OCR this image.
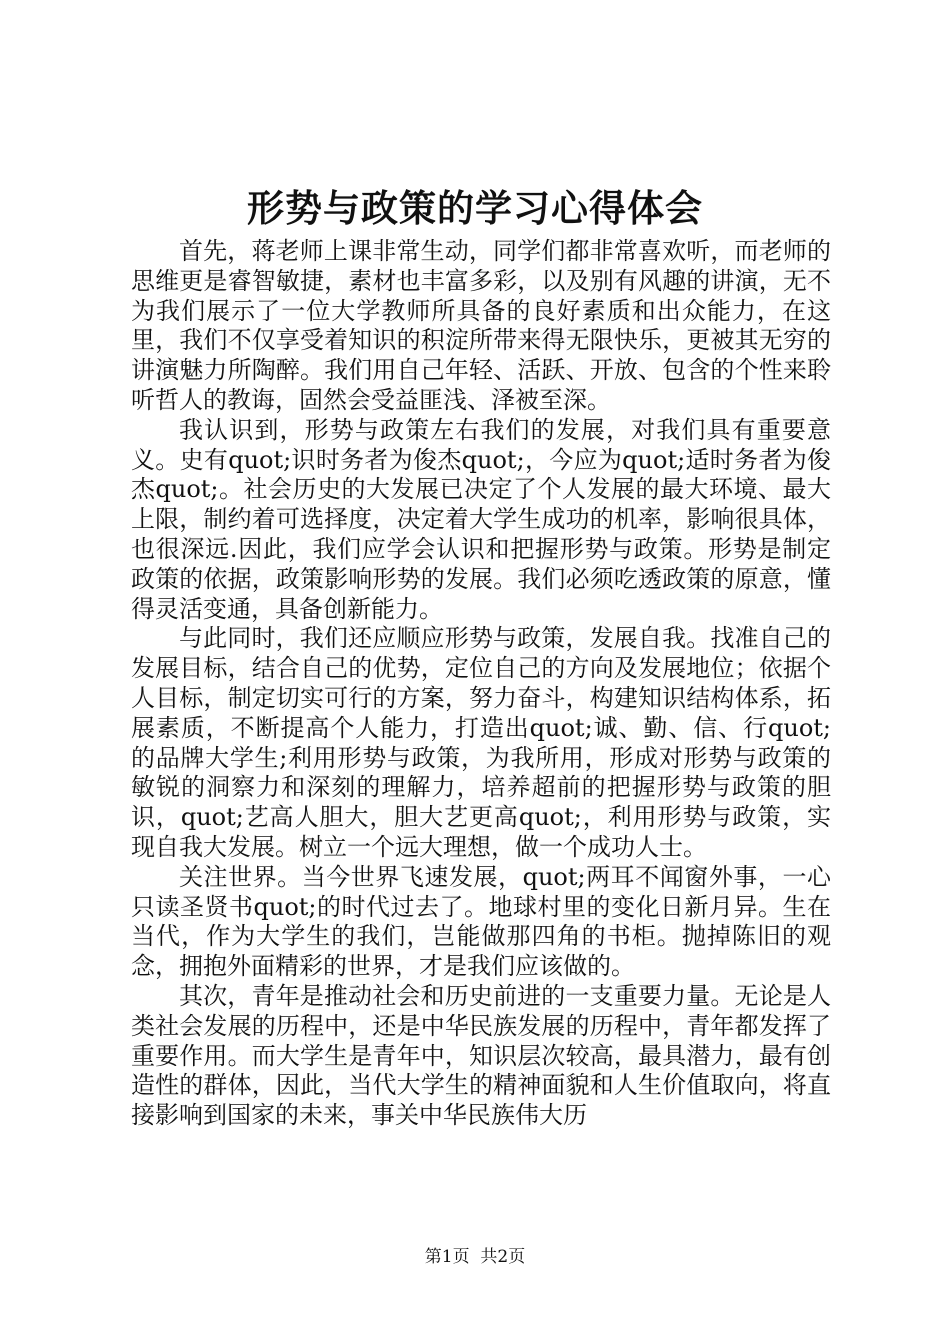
形势与政策的学习心得体会

首先，蒋老师上课非常生动，同学们都非常喜欢听，而老师的思维更是睿智敏捷，素材也丰富多彩，以及别有风趣的讲演，无不为我们展示了一位大学教师所具备的良好素质和出众能力，在这里，我们不仅享受着知识的积淀所带来得无限快乐，更被其无穷的讲演魅力所陶醉。我们用自己年轻、活跃、开放、包含的个性来聆听哲人的教诲，固然会受益匪浅、泽被至深。

我认识到，形势与政策左右我们的发展，对我们具有重要意义。史有quot;识时务者为俊杰quot;，今应为quot;适时务者为俊杰quot;。社会历史的大发展已决定了个人发展的最大环境、最大上限，制约着可选择度，决定着大学生成功的机率，影响很具体，也很深远.因此，我们应学会认识和把握形势与政策。形势是制定政策的依据，政策影响形势的发展。我们必须吃透政策的原意，懂得灵活变通，具备创新能力。

与此同时，我们还应顺应形势与政策，发展自我。找准自己的发展目标，结合自己的优势，定位自己的方向及发展地位；依据个人目标，制定切实可行的方案，努力奋斗，构建知识结构体系，拓展素质，不断提高个人能力，打造出quot;诚、勤、信、行quot;的品牌大学生;利用形势与政策，为我所用，形成对形势与政策的敏锐的洞察力和深刻的理解力，培养超前的把握形势与政策的胆识，quot;艺高人胆大，胆大艺更高quot;，利用形势与政策，实现自我大发展。树立一个远大理想，做一个成功人士。

关注世界。当今世界飞速发展，quot;两耳不闻窗外事，一心只读圣贤书quot;的时代过去了。地球村里的变化日新月异。生在当代，作为大学生的我们，岂能做那四角的书柜。抛掉陈旧的观念，拥抱外面精彩的世界，才是我们应该做的。

其次，青年是推动社会和历史前进的一支重要力量。无论是人类社会发展的历程中，还是中华民族发展的历程中，青年都发挥了重要作用。而大学生是青年中，知识层次较高，最具潜力，最有创造性的群体，因此，当代大学生的精神面貌和人生价值取向，将直接影响到国家的未来，事关中华民族伟大历

第1页 共2页
